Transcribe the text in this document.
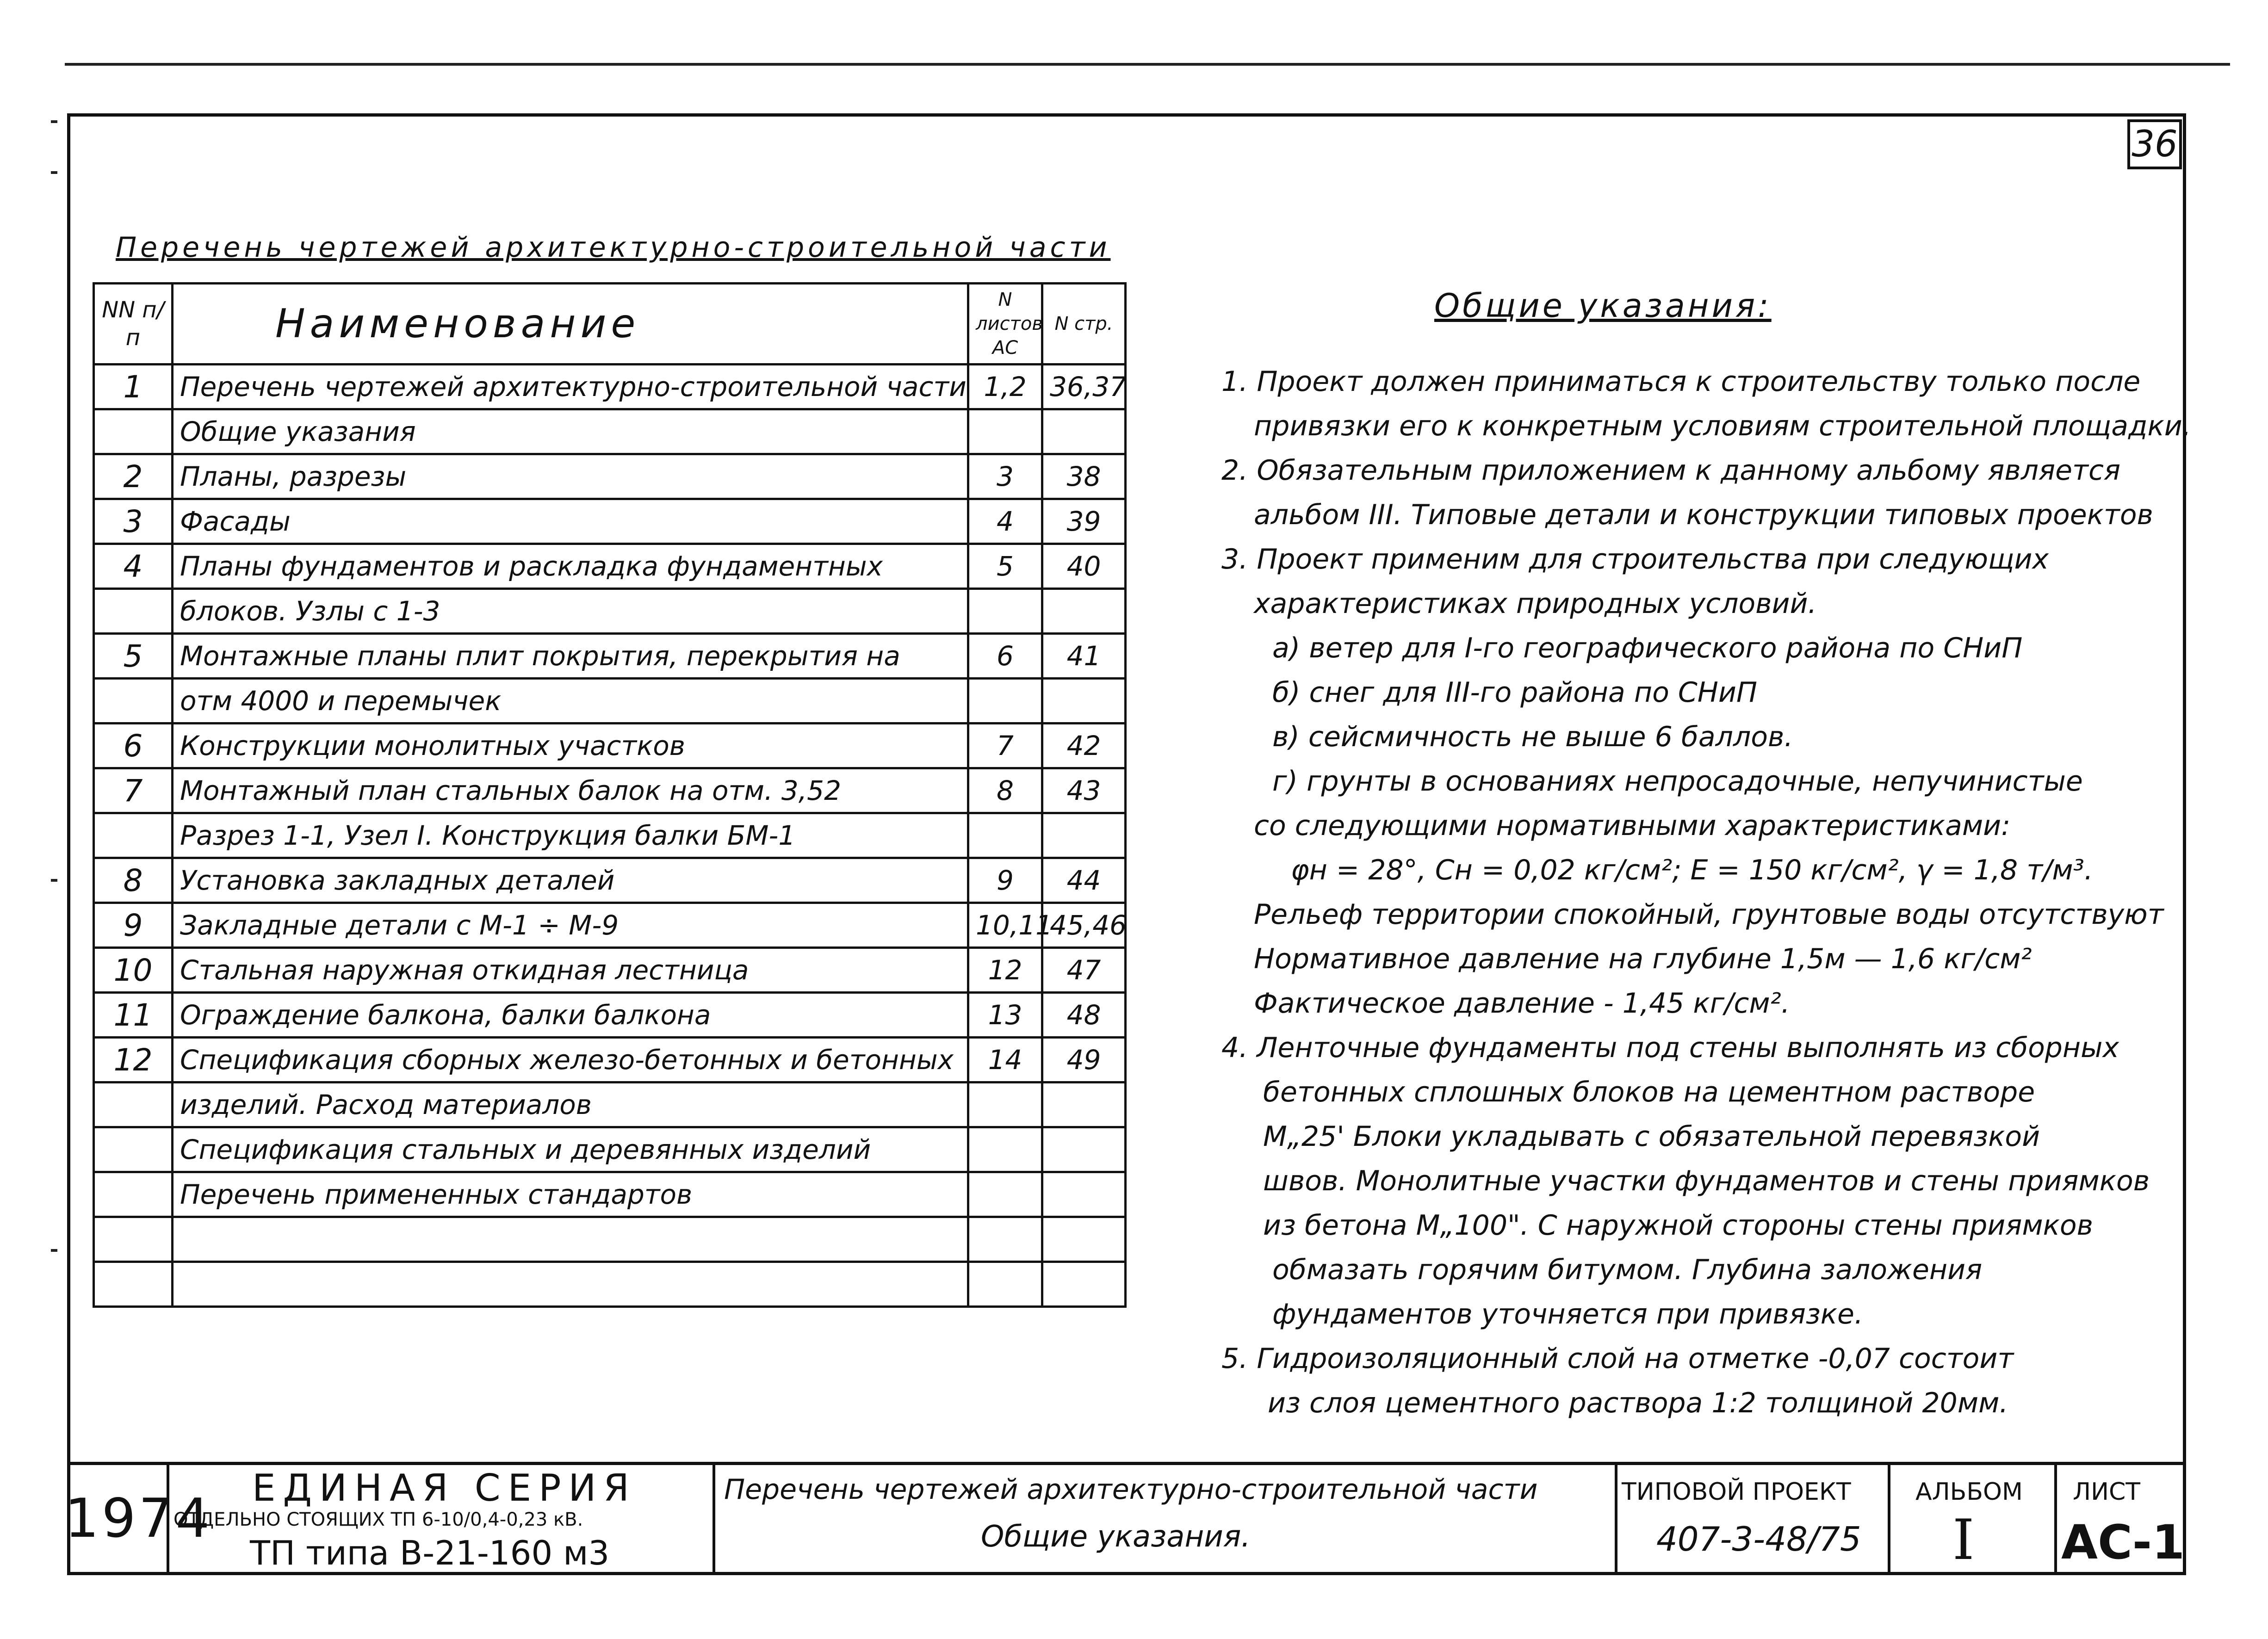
36
Перечень чертежей архитектурно-строительной части
NN п/п	Наименование	N листов АС	N стр.
1	Перечень чертежей архитектурно-строительной части	1,2	36,37
	Общие указания		
2	Планы, разрезы	3	38
3	Фасады	4	39
4	Планы фундаментов и раскладка фундаментных	5	40
	блоков. Узлы с 1-3		
5	Монтажные планы плит покрытия, перекрытия на	6	41
	отм 4000 и перемычек		
6	Конструкции монолитных участков	7	42
7	Монтажный план стальных балок на отм. 3,52	8	43
	Разрез 1-1, Узел I. Конструкция балки БМ-1		
8	Установка закладных деталей	9	44
9	Закладные детали с М-1 ÷ М-9	10,11	45,46
10	Стальная наружная откидная лестница	12	47
11	Ограждение балкона, балки балкона	13	48
12	Спецификация сборных железо-бетонных и бетонных	14	49
	изделий. Расход материалов		
	Спецификация стальных и деревянных изделий		
	Перечень примененных стандартов		

Общие указания:
1. Проект должен приниматься к строительству только после
привязки его к конкретным условиям строительной площадки.
2. Обязательным приложением к данному альбому является
альбом III. Типовые детали и конструкции типовых проектов
3. Проект применим для строительства при следующих
характеристиках природных условий.
а) ветер для I-го географического района по СНиП
б) снег для III-го района по СНиП
в) сейсмичность не выше 6 баллов.
г) грунты в основаниях непросадочные, непучинистые
со следующими нормативными характеристиками:
φн = 28°, Cн = 0,02 кг/см²; E = 150 кг/см², γ = 1,8 т/м³.
Рельеф территории спокойный, грунтовые воды отсутствуют
Нормативное давление на глубине 1,5м — 1,6 кг/см²
Фактическое давление - 1,45 кг/см².
4. Ленточные фундаменты под стены выполнять из сборных
бетонных сплошных блоков на цементном растворе
М„25' Блоки укладывать с обязательной перевязкой
швов. Монолитные участки фундаментов и стены приямков
из бетона М„100". С наружной стороны стены приямков
обмазать горячим битумом. Глубина заложения
фундаментов уточняется при привязке.
5. Гидроизоляционный слой на отметке -0,07 состоит
из слоя цементного раствора 1:2 толщиной 20мм.
1974 ЕДИНАЯ СЕРИЯ
ОТДЕЛЬНО СТОЯЩИХ ТП 6-10/0,4-0,23 кВ.
ТП типа В-21-160 м3
Перечень чертежей архитектурно-строительной части
Общие указания.
ТИПОВОЙ ПРОЕКТ
407-3-48/75
АЛЬБОМ
I
ЛИСТ
АС-1
